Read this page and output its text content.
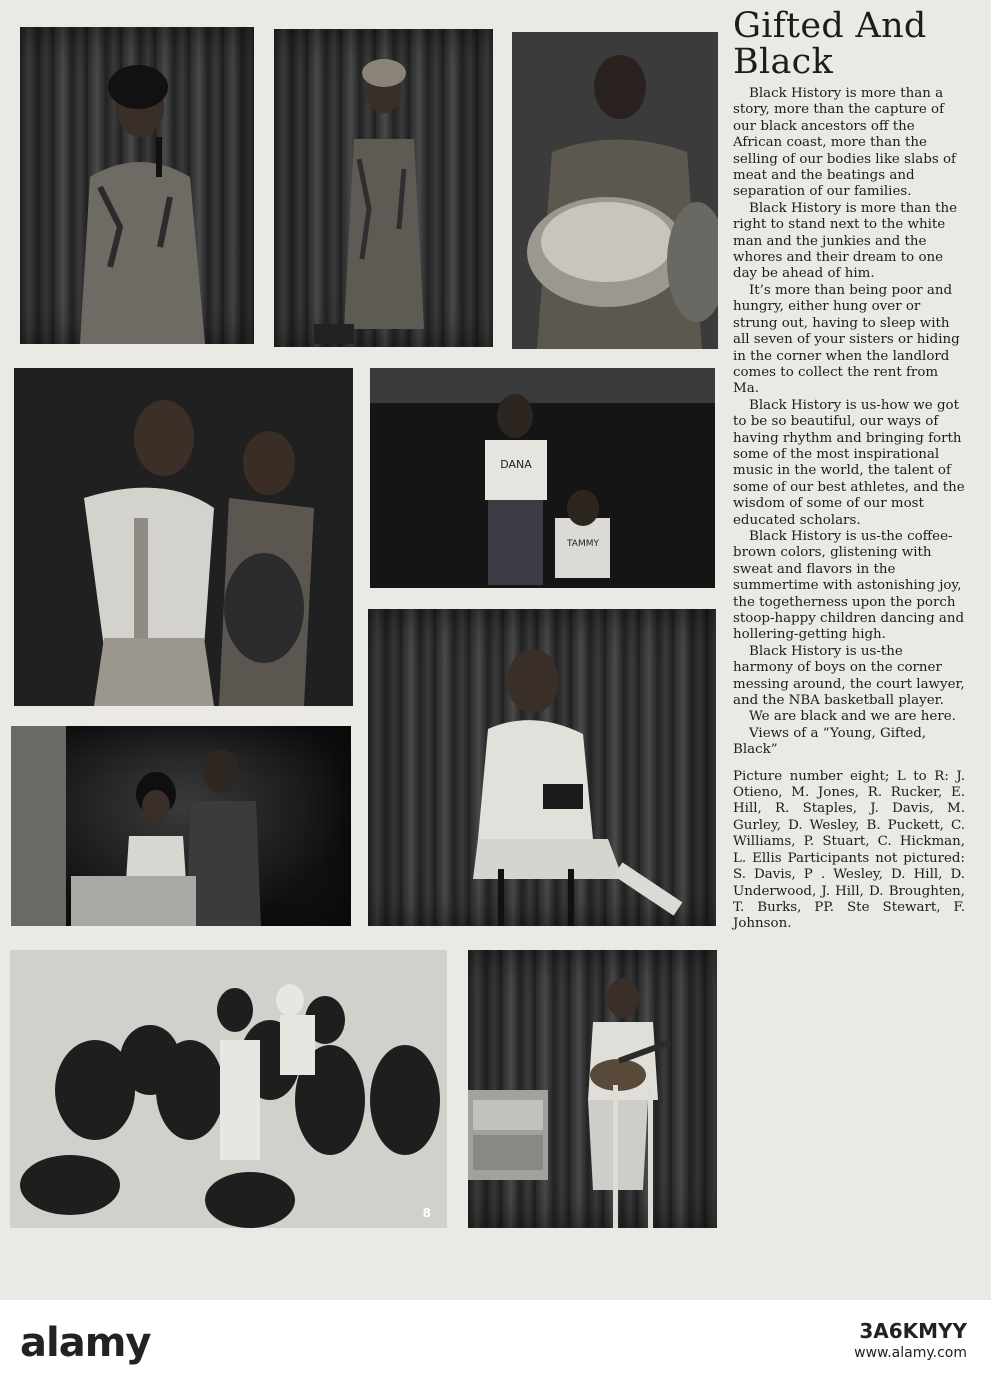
DANA
TAMMY
8
Gifted And Black

Black History is more than a story, more than the capture of our black ancestors off the African coast, more than the selling of our bodies like slabs of meat and the beatings and separation of our families.

Black History is more than the right to stand next to the white man and the junkies and the whores and their dream to one day be ahead of him.

It’s more than being poor and hungry, either hung over or strung out, having to sleep with all seven of your sisters or hiding in the corner when the landlord comes to collect the rent from Ma.

Black History is us-how we got to be so beautiful, our ways of having rhythm and bringing forth some of the most inspirational music in the world, the talent of some of our best athletes, and the wisdom of some of our most educated scholars.

Black History is us-the coffee-brown colors, glistening with sweat and flavors in the summertime with astonishing joy, the togetherness upon the porch stoop-happy children dancing and hollering-getting high.

Black History is us-the harmony of boys on the corner messing around, the court lawyer, and the NBA basketball player.

We are black and we are here.

Views of a “Young, Gifted, Black”

Picture number eight; L to R: J. Otieno, M. Jones, R. Rucker, E. Hill, R. Staples, J. Davis, M. Gurley, D. Wesley, B. Puckett, C. Williams, P. Stuart, C. Hickman, L. Ellis Participants not pictured: S. Davis, P . Wesley, D. Hill, D. Underwood, J. Hill, D. Broughten, T. Burks, PP. Ste Stewart, F. Johnson.

alamy	3A6KMYY
www.alamy.com
